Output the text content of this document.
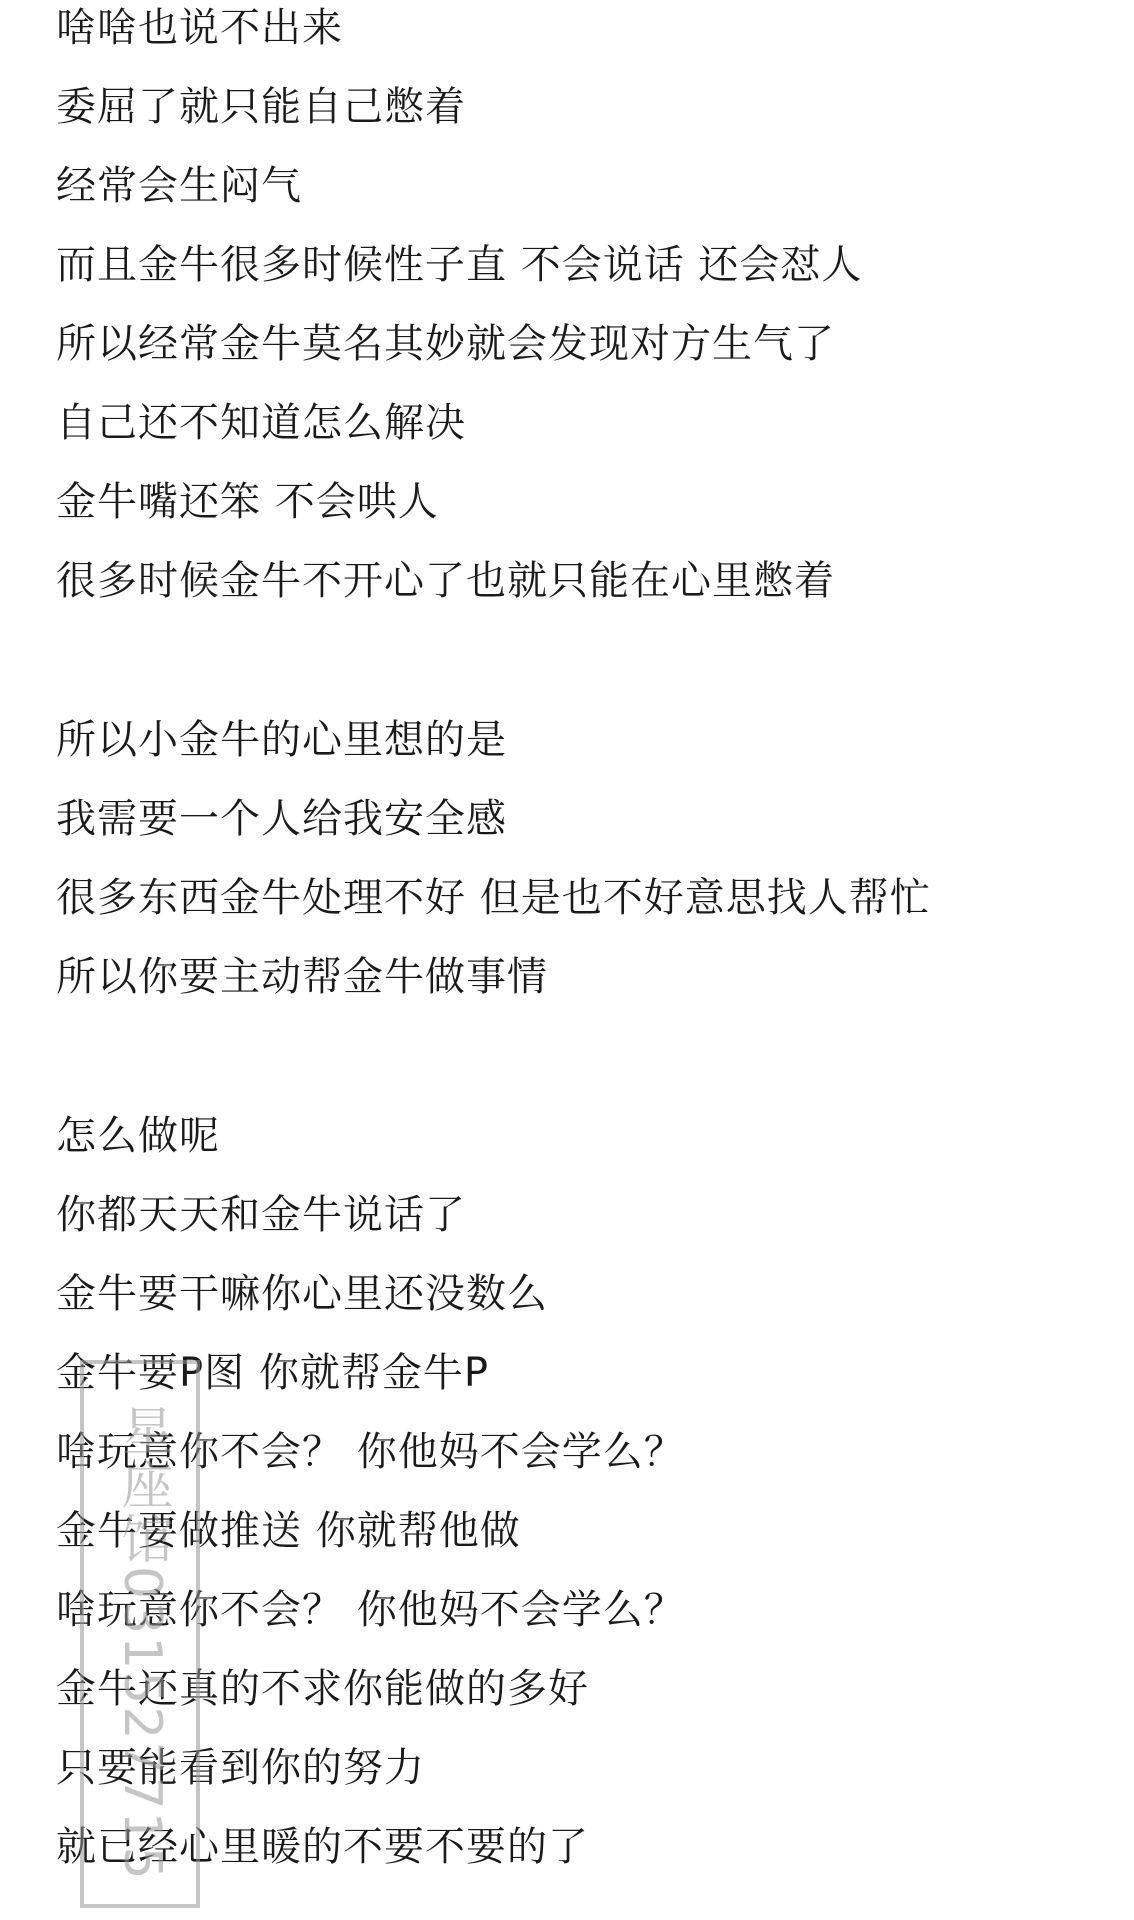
啥啥也说不出来
委屈了就只能自己憋着
经常会生闷气
而且金牛很多时候性子直 不会说话 还会怼人
所以经常金牛莫名其妙就会发现对方生气了
自己还不知道怎么解决
金牛嘴还笨 不会哄人
很多时候金牛不开心了也就只能在心里憋着
所以小金牛的心里想的是
我需要一个人给我安全感
很多东西金牛处理不好 但是也不好意思找人帮忙
所以你要主动帮金牛做事情
怎么做呢
你都天天和金牛说话了
金牛要干嘛你心里还没数么
金牛要P图 你就帮金牛P
啥玩意你不会？ 你他妈不会学么？
金牛要做推送 你就帮他做
啥玩意你不会？ 你他妈不会学么？
金牛还真的不求你能做的多好
只要能看到你的努力
就已经心里暖的不要不要的了
星座馆031527715
